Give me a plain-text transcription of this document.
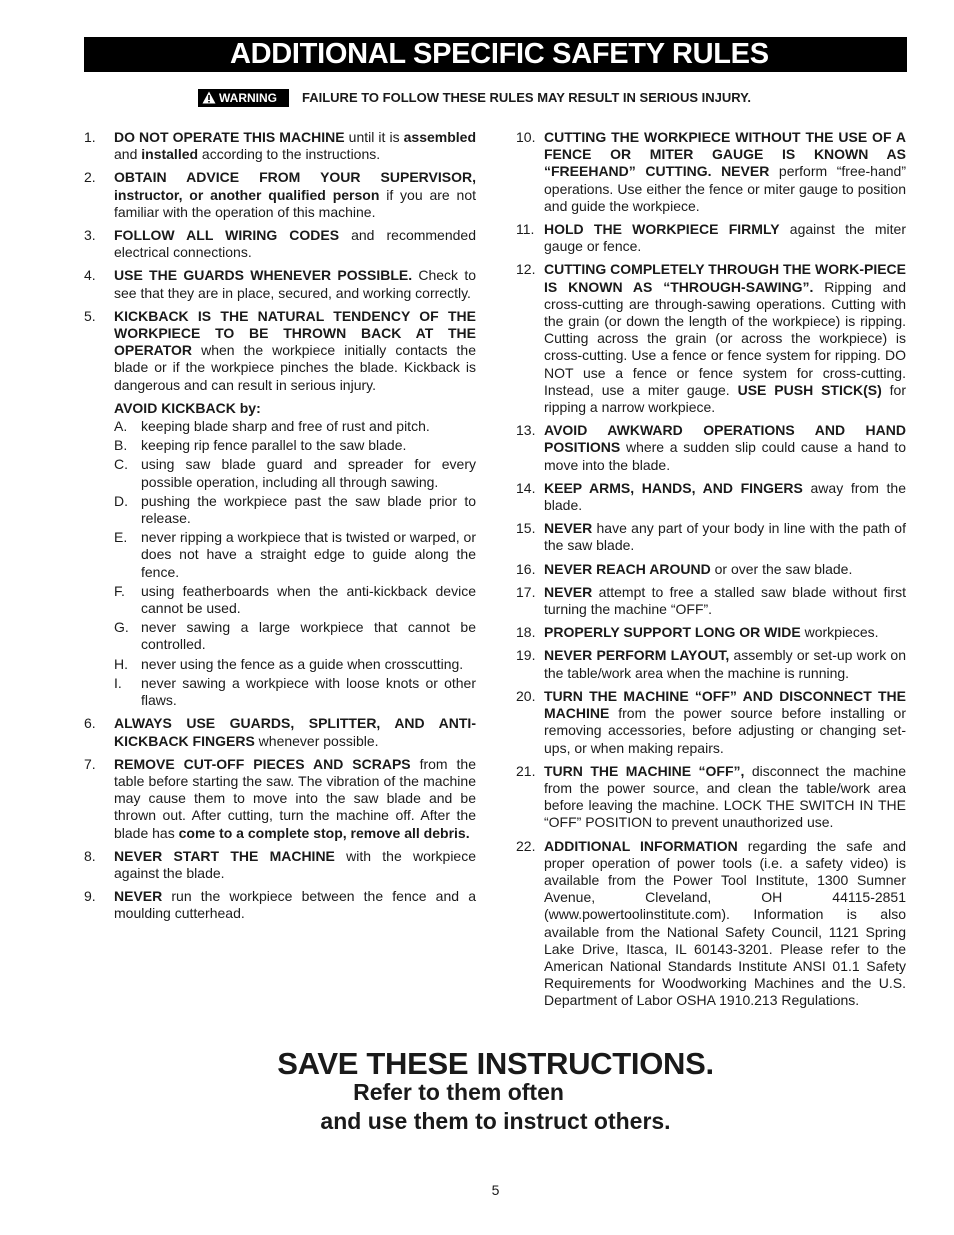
ADDITIONAL SPECIFIC SAFETY RULES
WARNING	FAILURE TO FOLLOW THESE RULES MAY RESULT IN SERIOUS INJURY.
1. DO NOT OPERATE THIS MACHINE until it is assembled and installed according to the instructions.
2. OBTAIN ADVICE FROM YOUR SUPERVISOR, instructor, or another qualified person if you are not familiar with the operation of this machine.
3. FOLLOW ALL WIRING CODES and recommended electrical connections.
4. USE THE GUARDS WHENEVER POSSIBLE. Check to see that they are in place, secured, and working correctly.
5. KICKBACK IS THE NATURAL TENDENCY OF THE WORKPIECE TO BE THROWN BACK AT THE OPERATOR when the workpiece initially contacts the blade or if the workpiece pinches the blade. Kickback is dangerous and can result in serious injury.
AVOID KICKBACK by:
A. keeping blade sharp and free of rust and pitch.
B. keeping rip fence parallel to the saw blade.
C. using saw blade guard and spreader for every possible operation, including all through sawing.
D. pushing the workpiece past the saw blade prior to release.
E. never ripping a workpiece that is twisted or warped, or does not have a straight edge to guide along the fence.
F. using featherboards when the anti-kickback device cannot be used.
G. never sawing a large workpiece that cannot be controlled.
H. never using the fence as a guide when crosscutting.
I. never sawing a workpiece with loose knots or other flaws.
6. ALWAYS USE GUARDS, SPLITTER, AND ANTI-KICKBACK FINGERS whenever possible.
7. REMOVE CUT-OFF PIECES AND SCRAPS from the table before starting the saw. The vibration of the machine may cause them to move into the saw blade and be thrown out. After cutting, turn the machine off. After the blade has come to a complete stop, remove all debris.
8. NEVER START THE MACHINE with the workpiece against the blade.
9. NEVER run the workpiece between the fence and a moulding cutterhead.
10. CUTTING THE WORKPIECE WITHOUT THE USE OF A FENCE OR MITER GAUGE IS KNOWN AS “FREEHAND” CUTTING. NEVER perform “free-hand” operations. Use either the fence or miter gauge to position and guide the workpiece.
11. HOLD THE WORKPIECE FIRMLY against the miter gauge or fence.
12. CUTTING COMPLETELY THROUGH THE WORK-PIECE IS KNOWN AS “THROUGH-SAWING”. Ripping and cross-cutting are through-sawing operations. Cutting with the grain (or down the length of the workpiece) is ripping. Cutting across the grain (or across the workpiece) is cross-cutting. Use a fence or fence system for ripping. DO NOT use a fence or fence system for cross-cutting. Instead, use a miter gauge. USE PUSH STICK(S) for ripping a narrow workpiece.
13. AVOID AWKWARD OPERATIONS AND HAND POSITIONS where a sudden slip could cause a hand to move into the blade.
14. KEEP ARMS, HANDS, AND FINGERS away from the blade.
15. NEVER have any part of your body in line with the path of the saw blade.
16. NEVER REACH AROUND or over the saw blade.
17. NEVER attempt to free a stalled saw blade without first turning the machine “OFF”.
18. PROPERLY SUPPORT LONG OR WIDE workpieces.
19. NEVER PERFORM LAYOUT, assembly or set-up work on the table/work area when the machine is running.
20. TURN THE MACHINE “OFF” AND DISCONNECT THE MACHINE from the power source before installing or removing accessories, before adjusting or changing set-ups, or when making repairs.
21. TURN THE MACHINE “OFF”, disconnect the machine from the power source, and clean the table/work area before leaving the machine. LOCK THE SWITCH IN THE “OFF” POSITION to prevent unauthorized use.
22. ADDITIONAL INFORMATION regarding the safe and proper operation of power tools (i.e. a safety video) is available from the Power Tool Institute, 1300 Sumner Avenue, Cleveland, OH 44115-2851 (www.powertoolinstitute.com). Information is also available from the National Safety Council, 1121 Spring Lake Drive, Itasca, IL 60143-3201. Please refer to the American National Standards Institute ANSI 01.1 Safety Requirements for Woodworking Machines and the U.S. Department of Labor OSHA 1910.213 Regulations.
SAVE THESE INSTRUCTIONS.
Refer to them often
and use them to instruct others.
5
